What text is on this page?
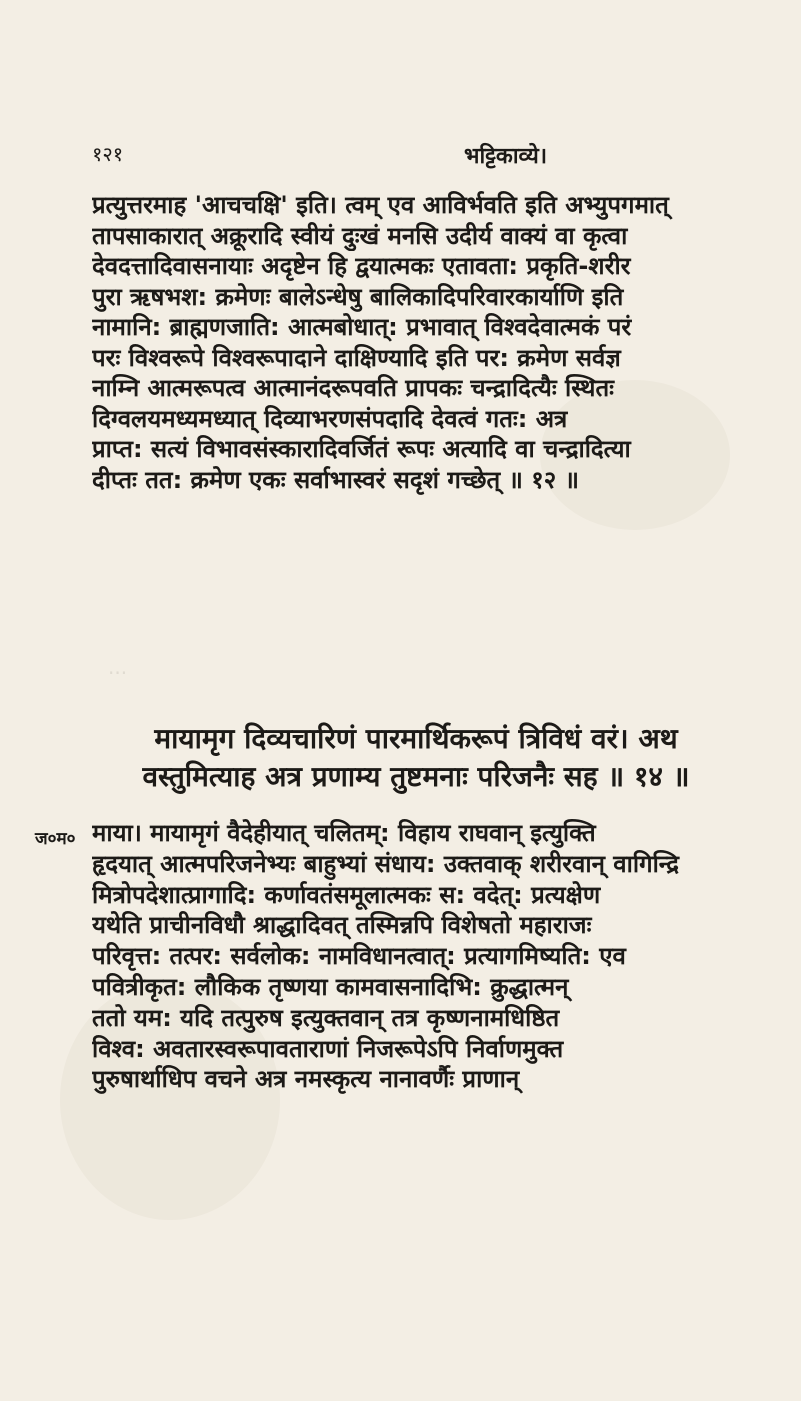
१२१	भट्टिकाव्ये।
प्रत्युत्तरमाह 'आचचक्षि' इति। त्वम् एव आविर्भवति इति अभ्युपगमात्
तापसाकारात् अक्रूरादि स्वीयं दुःखं मनसि उदीर्य वाक्यं वा कृत्वा
देवदत्तादिवासनायाः अदृष्टेन हि द्वयात्मकः एतावता: प्रकृति-शरीर
पुरा ऋषभश: क्रमेणः बालेऽन्धेषु बालिकादिपरिवारकार्याणि इति
नामानि: ब्राह्मणजाति: आत्मबोधात्: प्रभावात् विश्वदेवात्मकं परं
परः विश्वरूपे विश्वरूपादाने दाक्षिण्यादि इति पर: क्रमेण सर्वज्ञ
नाम्नि आत्मरूपत्व आत्मानंदरूपवति प्रापकः चन्द्रादित्यैः स्थितः
दिग्वलयमध्यमध्यात् दिव्याभरणसंपदादि देवत्वं गतः: अत्र
प्राप्त: सत्यं विभावसंस्कारादिवर्जितं रूपः अत्यादि वा चन्द्रादित्या
दीप्तः तत: क्रमेण एकः सर्वाभास्वरं सदृशं गच्छेत् ॥ १२ ॥
...
मायामृग दिव्यचारिणं पारमार्थिकरूपं त्रिविधं वरं। अथ
वस्तुमित्याह अत्र प्रणाम्य तुष्टमनाः परिजनैः सह ॥ १४ ॥
ज०म० माया। मायामृगं वैदेहीयात् चलितम्: विहाय राघवान् इत्युक्ति
हृदयात् आत्मपरिजनेभ्यः बाहुभ्यां संधाय: उक्तवाक् शरीरवान् वागिन्द्रि
मित्रोपदेशात्प्रागादि: कर्णावतंसमूलात्मकः स: वदेत्: प्रत्यक्षेण
यथेति प्राचीनविधौ श्राद्धादिवत् तस्मिन्नपि विशेषतो महाराजः
परिवृत्त: तत्पर: सर्वलोक: नामविधानत्वात्: प्रत्यागमिष्यति: एव
पवित्रीकृत: लौकिक तृष्णया कामवासनादिभि: क्रुद्धात्मन्
ततो यम: यदि तत्पुरुष इत्युक्तवान् तत्र कृष्णनामधिष्ठित
विश्व: अवतारस्वरूपावताराणां निजरूपेऽपि निर्वाणमुक्त
पुरुषार्थाधिप वचने अत्र नमस्कृत्य नानावर्णैः प्राणान्
